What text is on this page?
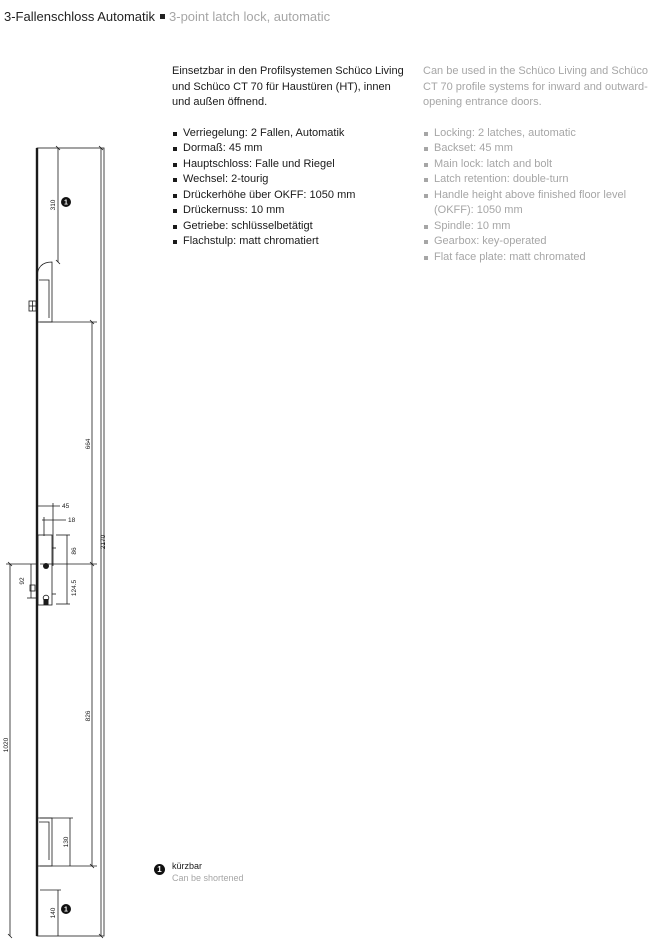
3-Fallenschloss Automatik 3-point latch lock, automatic

Einsetzbar in den Profilsystemen Schüco Living und Schüco CT 70 für Haustüren (HT), innen und außen öffnend.

Verriegelung: 2 Fallen, Automatik
Dormaß: 45 mm
Hauptschloss: Falle und Riegel
Wechsel: 2-tourig
Drückerhöhe über OKFF: 1050 mm
Drückernuss: 10 mm
Getriebe: schlüsselbetätigt
Flachstulp: matt chromatiert

Can be used in the Schüco Living and Schüco CT 70 profile systems for inward and outward-opening entrance doors.

Locking: 2 latches, automatic
Backset: 45 mm
Main lock: latch and bolt
Latch retention: double-turn
Handle height above finished floor level (OKFF): 1050 mm
Spindle: 10 mm
Gearbox: key-operated
Flat face plate: matt chromated
1
1
310
664
2170
45
18
86
124.5
92
826
130
1020
140
1	kürzbar
Can be shortened
